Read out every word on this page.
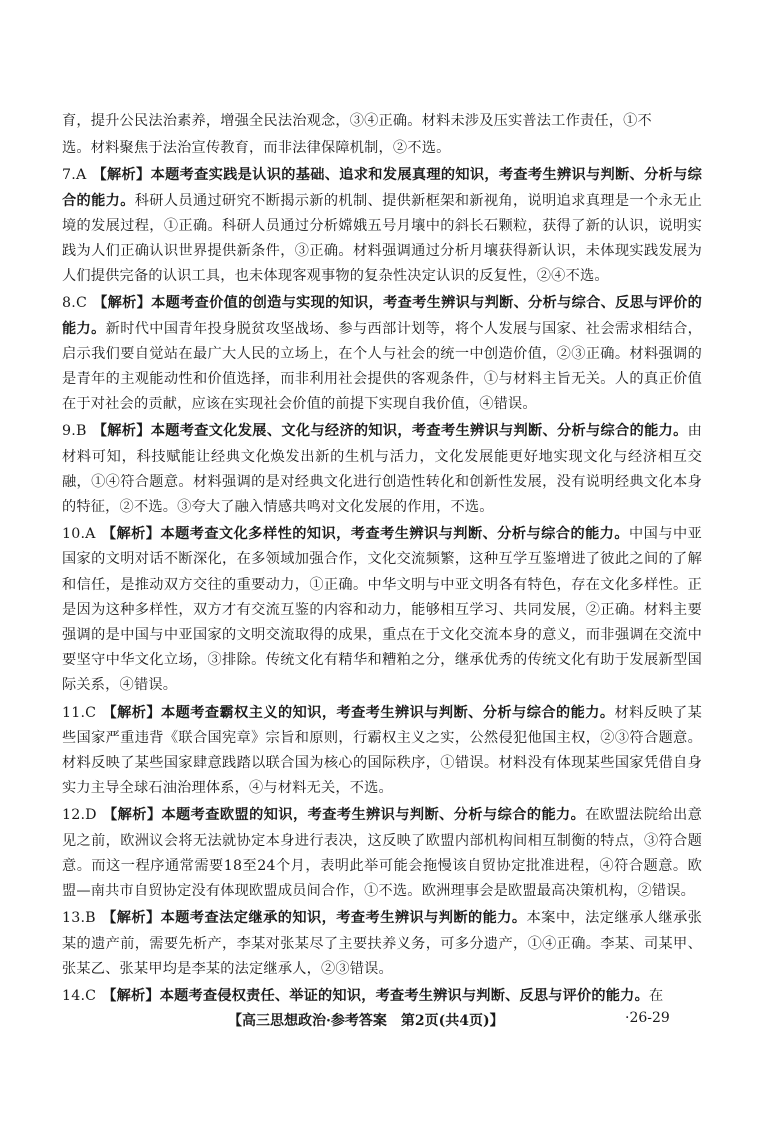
育，提升公民法治素养，增强全民法治观念，③④正确。材料未涉及压实普法工作责任，①不

选。材料聚焦于法治宣传教育，而非法律保障机制，②不选。

7.A 【解析】本题考查实践是认识的基础、追求和发展真理的知识，考查考生辨识与判断、分析与综合的能力。科研人员通过研究不断揭示新的机制、提供新框架和新视角，说明追求真理是一个永无止境的发展过程，①正确。科研人员通过分析嫦娥五号月壤中的斜长石颗粒，获得了新的认识，说明实践为人们正确认识世界提供新条件，③正确。材料强调通过分析月壤获得新认识，未体现实践发展为人们提供完备的认识工具，也未体现客观事物的复杂性决定认识的反复性，②④不选。

8.C 【解析】本题考查价值的创造与实现的知识，考查考生辨识与判断、分析与综合、反思与评价的能力。新时代中国青年投身脱贫攻坚战场、参与西部计划等，将个人发展与国家、社会需求相结合，启示我们要自觉站在最广大人民的立场上，在个人与社会的统一中创造价值，②③正确。材料强调的是青年的主观能动性和价值选择，而非利用社会提供的客观条件，①与材料主旨无关。人的真正价值在于对社会的贡献，应该在实现社会价值的前提下实现自我价值，④错误。

9.B 【解析】本题考查文化发展、文化与经济的知识，考查考生辨识与判断、分析与综合的能力。由材料可知，科技赋能让经典文化焕发出新的生机与活力，文化发展能更好地实现文化与经济相互交融，①④符合题意。材料强调的是对经典文化进行创造性转化和创新性发展，没有说明经典文化本身的特征，②不选。③夸大了融入情感共鸣对文化发展的作用，不选。

10.A 【解析】本题考查文化多样性的知识，考查考生辨识与判断、分析与综合的能力。中国与中亚国家的文明对话不断深化，在多领域加强合作，文化交流频繁，这种互学互鉴增进了彼此之间的了解和信任，是推动双方交往的重要动力，①正确。中华文明与中亚文明各有特色，存在文化多样性。正是因为这种多样性，双方才有交流互鉴的内容和动力，能够相互学习、共同发展，②正确。材料主要强调的是中国与中亚国家的文明交流取得的成果，重点在于文化交流本身的意义，而非强调在交流中要坚守中华文化立场，③排除。传统文化有精华和糟粕之分，继承优秀的传统文化有助于发展新型国际关系，④错误。

11.C 【解析】本题考查霸权主义的知识，考查考生辨识与判断、分析与综合的能力。材料反映了某些国家严重违背《联合国宪章》宗旨和原则，行霸权主义之实，公然侵犯他国主权，②③符合题意。材料反映了某些国家肆意践踏以联合国为核心的国际秩序，①错误。材料没有体现某些国家凭借自身实力主导全球石油治理体系，④与材料无关，不选。

12.D 【解析】本题考查欧盟的知识，考查考生辨识与判断、分析与综合的能力。在欧盟法院给出意见之前，欧洲议会将无法就协定本身进行表决，这反映了欧盟内部机构间相互制衡的特点，③符合题意。而这一程序通常需要18至24个月，表明此举可能会拖慢该自贸协定批准进程，④符合题意。欧盟—南共市自贸协定没有体现欧盟成员间合作，①不选。欧洲理事会是欧盟最高决策机构，②错误。

13.B 【解析】本题考查法定继承的知识，考查考生辨识与判断的能力。本案中，法定继承人继承张某的遗产前，需要先析产，李某对张某尽了主要扶养义务，可多分遗产，①④正确。李某、司某甲、张某乙、张某甲均是李某的法定继承人，②③错误。

14.C 【解析】本题考查侵权责任、举证的知识，考查考生辨识与判断、反思与评价的能力。在

【高三思想政治·参考答案　第2页(共4页)】	·26-29
